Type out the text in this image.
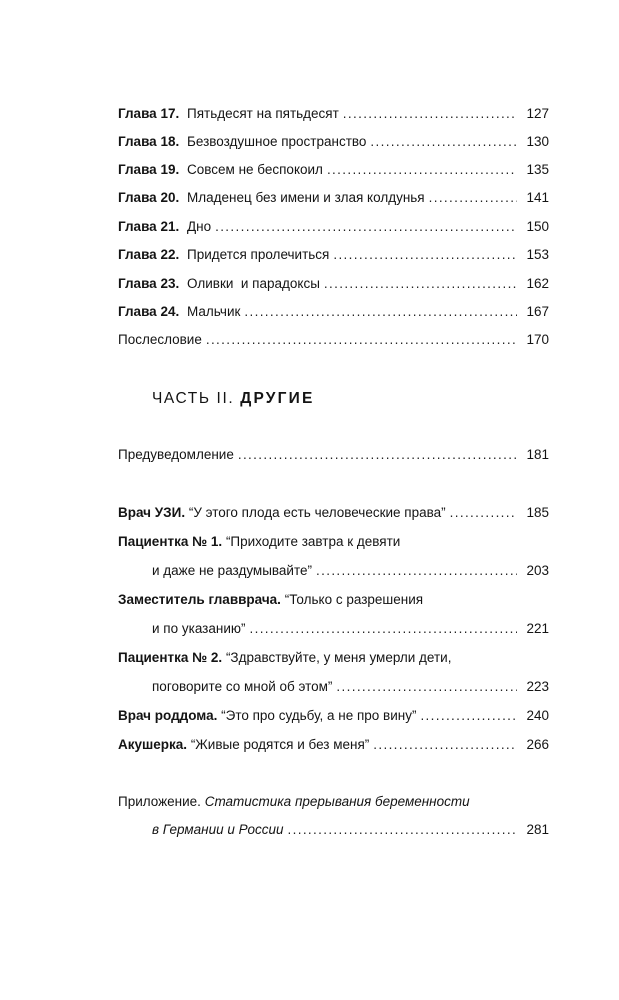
Глава 17. Пятьдесят на пятьдесят . . .	127
Глава 18. Безвоздушное пространство . . .	130
Глава 19. Совсем не беспокоил . . .	135
Глава 20. Младенец без имени и злая колдунья . . .	141
Глава 21. Дно . . .	150
Глава 22. Придется пролечиться . . .	153
Глава 23. Оливки  и парадоксы . . .	162
Глава 24. Мальчик . . .	167
Послесловие . . .	170
ЧАСТЬ II. ДРУГИЕ
Предуведомление . . .	181
Врач УЗИ. “У этого плода есть человеческие права” . . .	185
Пациентка № 1. “Приходите завтра к девяти
и даже не раздумывайте” . . .	203
Заместитель главврача. “Только с разрешения
и по указанию” . . .	221
Пациентка № 2. “Здравствуйте, у меня умерли дети,
поговорите со мной об этом” . . .	223
Врач роддома. “Это про судьбу, а не про вину” . . .	240
Акушерка. “Живые родятся и без меня” . . .	266
Приложение. Статистика прерывания беременности
в Германии и России . . .	281
